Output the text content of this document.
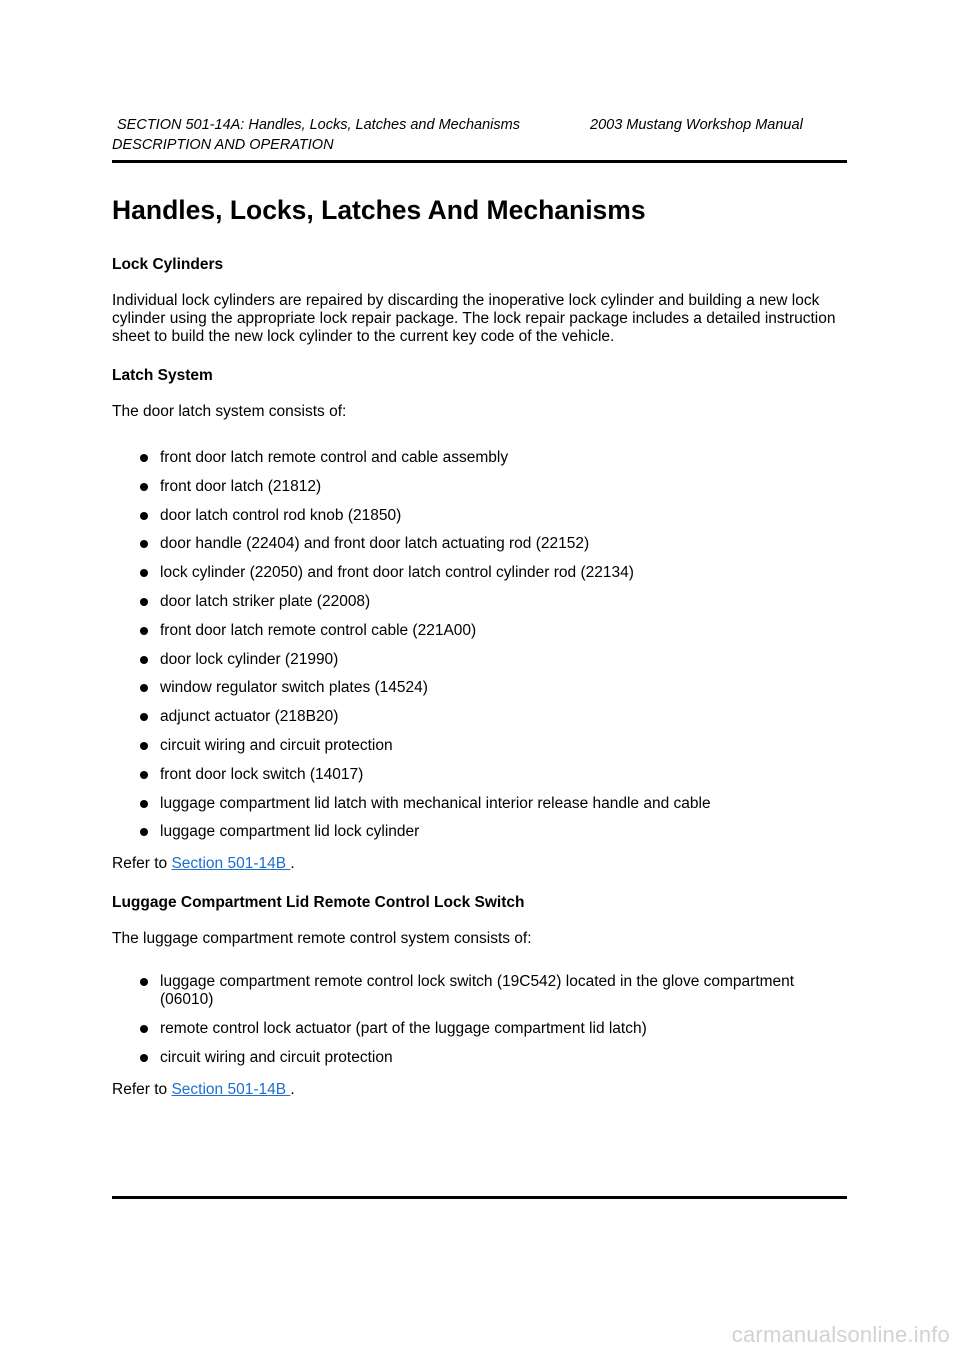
SECTION 501-14A: Handles, Locks, Latches and Mechanisms	2003 Mustang Workshop Manual
DESCRIPTION AND OPERATION
Handles, Locks, Latches And Mechanisms
Lock Cylinders

Individual lock cylinders are repaired by discarding the inoperative lock cylinder and building a new lock cylinder using the appropriate lock repair package. The lock repair package includes a detailed instruction sheet to build the new lock cylinder to the current key code of the vehicle.

Latch System

The door latch system consists of:

front door latch remote control and cable assembly
front door latch (21812)
door latch control rod knob (21850)
door handle (22404) and front door latch actuating rod (22152)
lock cylinder (22050) and front door latch control cylinder rod (22134)
door latch striker plate (22008)
front door latch remote control cable (221A00)
door lock cylinder (21990)
window regulator switch plates (14524)
adjunct actuator (218B20)
circuit wiring and circuit protection
front door lock switch (14017)
luggage compartment lid latch with mechanical interior release handle and cable
luggage compartment lid lock cylinder

Refer to Section 501-14B .

Luggage Compartment Lid Remote Control Lock Switch

The luggage compartment remote control system consists of:

luggage compartment remote control lock switch (19C542) located in the glove compartment (06010)
remote control lock actuator (part of the luggage compartment lid latch)
circuit wiring and circuit protection

Refer to Section 501-14B .

carmanualsonline.info
